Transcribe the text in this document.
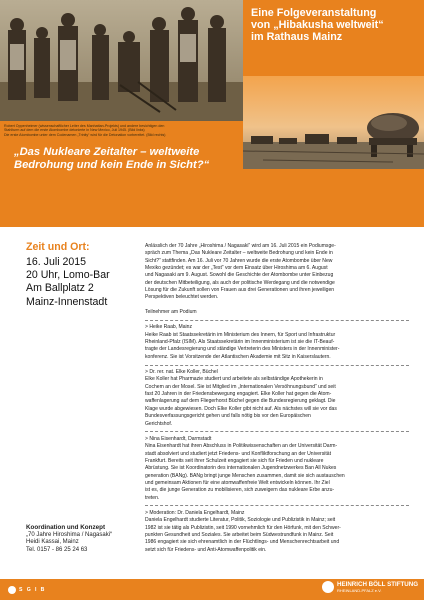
Robert Oppenheimer (wissenschaftlicher Leiter des Manhattan-Projekts) und andere besichtigen den
Stahlturm auf dem die erste Atombombe detonierte in New Mexico, Juli 1945. (Bild links)
Die erste Atombombe unter dem Codenamen „Trinity“ wird für die Detonation vorbereitet. (Bild rechts)
Eine Folgeveranstaltung
von „Hibakusha weltweit“
im Rathaus Mainz
„Das Nukleare Zeitalter – weltweite
Bedrohung und kein Ende in Sicht?“
Zeit und Ort:
16. Juli 2015
20 Uhr, Lomo-Bar
Am Ballplatz 2
Mainz-Innenstadt
Koordination und Konzept
„70 Jahre Hiroshima / Nagasaki“
Heidi Kassai, Mainz
Tel. 0157 - 86 25 24 63
Anlässlich der 70 Jahre „Hiroshima / Nagasaki“ wird am 16. Juli 2015 ein Podiumsge-
spräch zum Thema „Das Nukleare Zeitalter – weltweite Bedrohung und kein Ende in
Sicht?“ stattfinden. Am 16. Juli vor 70 Jahren wurde die erste Atombombe über New
Mexiko gezündet; es war der „Test“ vor dem Einsatz über Hiroshima am 6. August
und Nagasaki am 9. August. Sowohl die Geschichte der Atombombe unter Einbezug
der deutschen Mitbeteiligung, als auch der politische Werdegang und die notwendige
Lösung für die Zukunft sollen von Frauen aus drei Generationen und ihren jeweiligen
Perspektiven beleuchtet werden.
Teilnehmer am Podium
> Heike Raab, Mainz
Heike Raab ist Staatssekretärin im Ministerium des Innern, für Sport und Infrastruktur
Rheinland-Pfalz (ISIM). Als Staatssekretärin im Innenministerium ist sie die IT-Beauf-
tragte der Landesregierung und ständige Vertreterin des Ministers in der Innenminister-
konferenz. Sie ist Vorsitzende der Atlantischen Akademie mit Sitz in Kaiserslautern.
> Dr. rer. nat. Elke Koller, Büchel
Elke Koller hat Pharmazie studiert und arbeitete als selbständige Apothekerin in
Cochem an der Mosel. Sie ist Mitglied im „Internationalen Versöhnungsbund“ und seit
fast 20 Jahren in der Friedensbewegung engagiert. Elke Koller hat gegen die Atom-
waffenlagerung auf dem Fliegerhorst Büchel gegen die Bundesregierung geklagt. Die
Klage wurde abgewiesen. Doch Elke Koller gibt nicht auf. Als nächstes will sie vor das
Bundesverfassungsgericht gehen und falls nötig bis vor den Europäischen
Gerichtshof.
> Nina Eisenhardt, Darmstadt
Nina Eisenhardt hat ihren Abschluss in Politikwissenschaften an der Universität Darm-
stadt absolviert und studiert jetzt Friedens- und Konfliktforschung an der Universität
Frankfurt. Bereits seit ihrer Schulzeit engagiert sie sich für Frieden und nukleare
Abrüstung. Sie ist Koordinatorin des internationalen Jugendnetzwerkes Ban All Nukes
generation (BANg). BANg bringt junge Menschen zusammen, damit sie sich austauschen
und gemeinsam Aktionen für eine atomwaffenfreie Welt entwickeln können. Ihr Ziel
ist es, die junge Generation zu mobilisieren, sich zuweigern das nukleare Erbe anzu-
treten.
> Moderation: Dr. Daniela Engelhardt, Mainz
Daniela Engelhardt studierte Literatur, Politik, Soziologie und Publizistik in Mainz; seit
1982 ist sie tätig als Publizistin, seit 1990 vornehmlich für den Hörfunk, mit den Schwer-
punkten Gesundheit und Soziales. Sie arbeitet beim Südwestrundfunk in Mainz. Seit
1986 engagiert sie sich ehrenamtlich in der Flüchtlings- und Menschenrechtsarbeit und
setzt sich für Friedens- und Anti-Atomwaffenpolitik ein.
S G I B
HEINRICH BÖLL STIFTUNG
RHEINLAND-PFALZ e.V.
